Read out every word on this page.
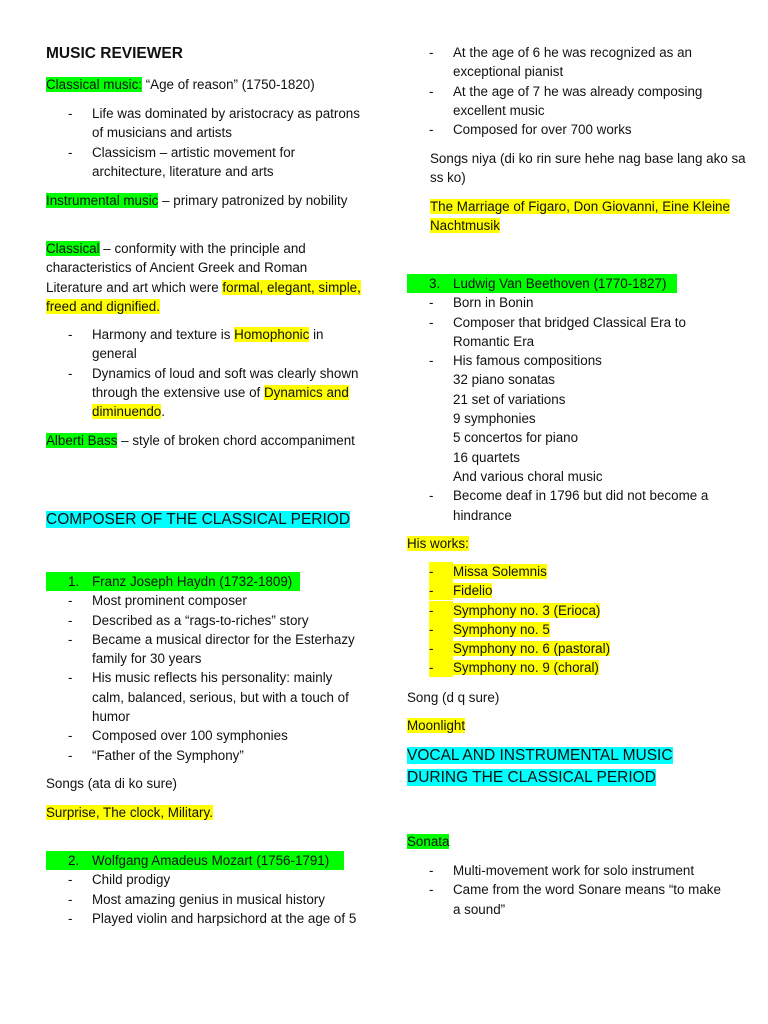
MUSIC REVIEWER
Classical music: “Age of reason” (1750-1820)
- Life was dominated by aristocracy as patrons of musicians and artists
- Classicism – artistic movement for architecture, literature and arts
Instrumental music – primary patronized by nobility
Classical – conformity with the principle and characteristics of Ancient Greek and Roman Literature and art which were formal, elegant, simple, freed and dignified.
- Harmony and texture is Homophonic in general
- Dynamics of loud and soft was clearly shown through the extensive use of Dynamics and diminuendo.
Alberti Bass – style of broken chord accompaniment
COMPOSER OF THE CLASSICAL PERIOD
1. Franz Joseph Haydn (1732-1809)
- Most prominent composer
- Described as a “rags-to-riches” story
- Became a musical director for the Esterhazy family for 30 years
- His music reflects his personality: mainly calm, balanced, serious, but with a touch of humor
- Composed over 100 symphonies
- “Father of the Symphony”
Songs (ata di ko sure)
Surprise, The clock, Military.
2. Wolfgang Amadeus Mozart (1756-1791)
- Child prodigy
- Most amazing genius in musical history
- Played violin and harpsichord at the age of 5
- At the age of 6 he was recognized as an exceptional pianist
- At the age of 7 he was already composing excellent music
- Composed for over 700 works
Songs niya (di ko rin sure hehe nag base lang ako sa ss ko)
The Marriage of Figaro, Don Giovanni, Eine Kleine Nachtmusik
3. Ludwig Van Beethoven (1770-1827)
- Born in Bonin
- Composer that bridged Classical Era to Romantic Era
- His famous compositions
32 piano sonatas
21 set of variations
9 symphonies
5 concertos for piano
16 quartets
And various choral music
- Become deaf in 1796 but did not become a hindrance
His works:
- Missa Solemnis
- Fidelio
- Symphony no. 3 (Erioca)
- Symphony no. 5
- Symphony no. 6 (pastoral)
- Symphony no. 9 (choral)
Song (d q sure)
Moonlight
VOCAL AND INSTRUMENTAL MUSIC DURING THE CLASSICAL PERIOD
Sonata
- Multi-movement work for solo instrument
- Came from the word Sonare means “to make a sound”
